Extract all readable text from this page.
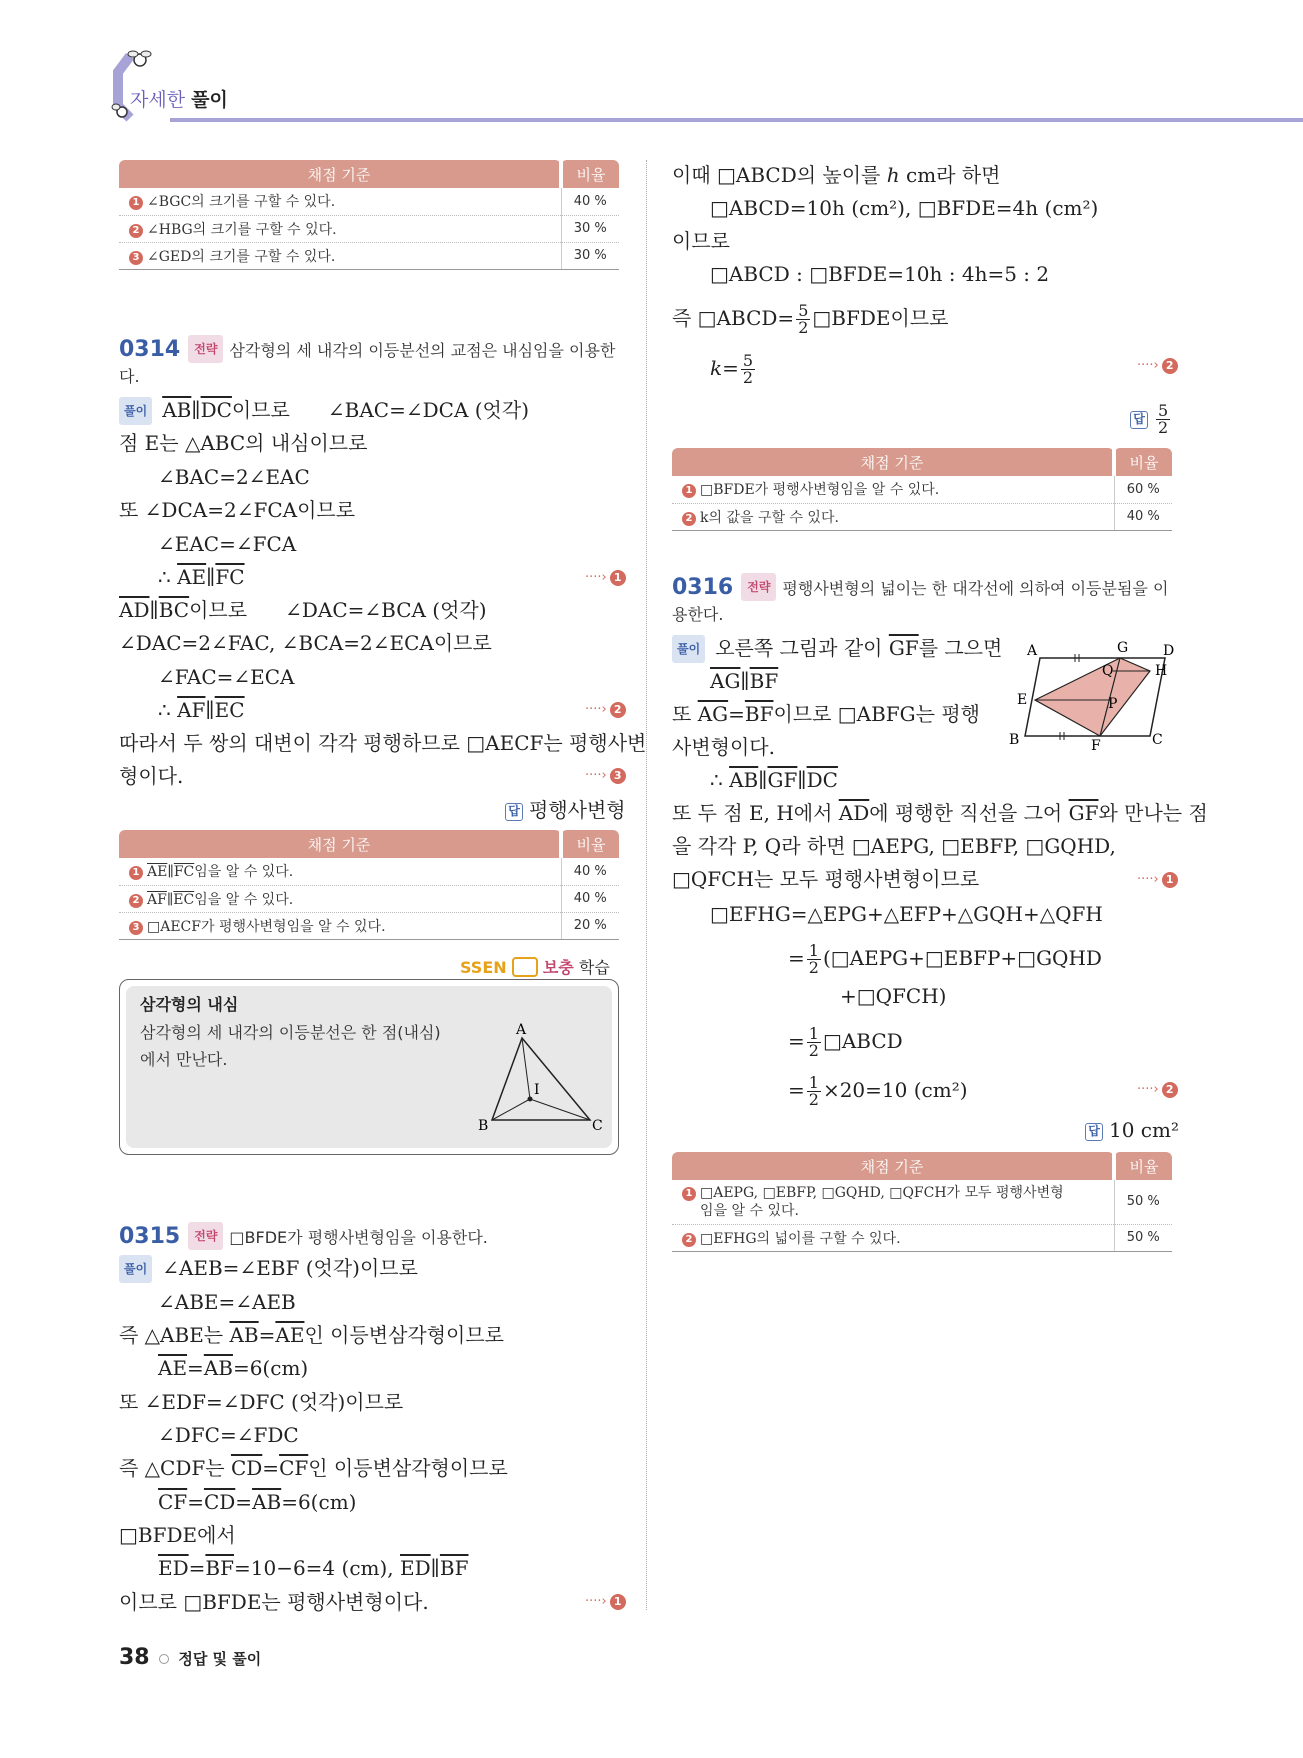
자세한 풀이
채점 기준	비율
1 ∠BGC의 크기를 구할 수 있다.	40 %
2 ∠HBG의 크기를 구할 수 있다.	30 %
3 ∠GED의 크기를 구할 수 있다.	30 %
0314 전략 삼각형의 세 내각의 이등분선의 교점은 내심임을 이용한
다.
풀이 $\overline{AB}\parallel\overline{DC}$이므로 ∠BAC=∠DCA (엇각)
점 E는 △ABC의 내심이므로
∠BAC=2∠EAC
또 ∠DCA=2∠FCA이므로
∠EAC=∠FCA
∴ $\overline{AE}\parallel\overline{FC}$	····› 1
$\overline{AD}\parallel\overline{BC}$이므로 ∠DAC=∠BCA (엇각)
∠DAC=2∠FAC, ∠BCA=2∠ECA이므로
∠FAC=∠ECA
∴ $\overline{AF}\parallel\overline{EC}$	····› 2
따라서 두 쌍의 대변이 각각 평행하므로 □AECF는 평행사변
형이다.	····› 3
답 평행사변형
채점 기준	비율
1 $\overline{AE}\parallel\overline{FC}$임을 알 수 있다.	40 %
2 $\overline{AF}\parallel\overline{EC}$임을 알 수 있다.	40 %
3 □AECF가 평행사변형임을 알 수 있다.	20 %
SSEN 보충 학습
삼각형의 내심
삼각형의 세 내각의 이등분선은 한 점(내심)
에서 만난다.
A
B	C
I
0315 전략 □BFDE가 평행사변형임을 이용한다.
풀이 ∠AEB=∠EBF (엇각)이므로
∠ABE=∠AEB
즉 △ABE는 $\overline{AB}=\overline{AE}$인 이등변삼각형이므로
$\overline{AE}=\overline{AB}=6(cm)$
또 ∠EDF=∠DFC (엇각)이므로
∠DFC=∠FDC
즉 △CDF는 $\overline{CD}=\overline{CF}$인 이등변삼각형이므로
$\overline{CF}=\overline{CD}=\overline{AB}=6(cm)$
□BFDE에서
$\overline{ED}=\overline{BF}=10-6=4$ (cm), $\overline{ED}\parallel\overline{BF}$
이므로 □BFDE는 평행사변형이다.	····› 1
이때 □ABCD의 높이를 h cm라 하면
□ABCD=10h (cm²), □BFDE=4h (cm²)
이므로
□ABCD : □BFDE=10h : 4h=5 : 2
즉 □ABCD= $\frac{5}{2}$ □BFDE이므로
$k= \frac{5}{2}$	····› 2
답 $\frac{5}{2}$
채점 기준	비율
1 □BFDE가 평행사변형임을 알 수 있다.	60 %
2 k의 값을 구할 수 있다.	40 %
0316 전략 평행사변형의 넓이는 한 대각선에 의하여 이등분됨을 이
용한다.
풀이 오른쪽 그림과 같이 $\overline{GF}$를 그으면
$\overline{AG}\parallel\overline{BF}$
또 $\overline{AG}=\overline{BF}$이므로 □ABFG는 평행
사변형이다.
∴ $\overline{AB}\parallel\overline{GF}\parallel\overline{DC}$
또 두 점 E, H에서 $\overline{AD}$에 평행한 직선을 그어 $\overline{GF}$와 만나는 점
을 각각 P, Q라 하면 □AEPG, □EBFP, □GQHD,
□QFCH는 모두 평행사변형이므로	····› 1
□EFHG=△EPG+△EFP+△GQH+△QFH
= $\frac{1}{2}$ (□AEPG+□EBFP+□GQHD
+□QFCH)
= $\frac{1}{2}$ □ABCD
= $\frac{1}{2} \times 20=10$ (cm²)	····› 2
답 10 cm²
A	G D
H
Q
E	P
B	F	C
채점 기준	비율
1 □AEPG, □EBFP, □GQHD, □QFCH가 모두 평행사변형
임을 알 수 있다.	50 %
2 □EFHG의 넓이를 구할 수 있다.	50 %
38 정답 및 풀이
